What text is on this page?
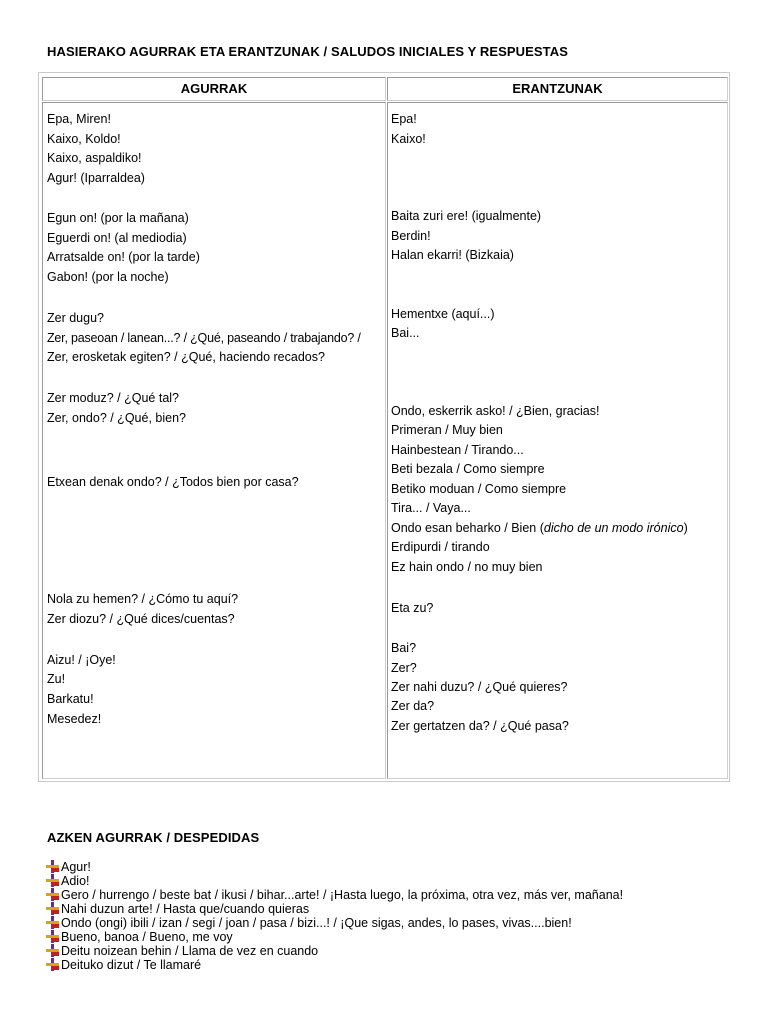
HASIERAKO AGURRAK ETA ERANTZUNAK / SALUDOS INICIALES Y RESPUESTAS
AGURRAK	ERANTZUNAK
Epa, Miren!
Kaixo, Koldo!
Kaixo, aspaldiko!
Agur! (Iparraldea)
Egun on! (por la mañana)
Eguerdi on! (al mediodia)
Arratsalde on! (por la tarde)
Gabon! (por la noche)
Zer dugu?
Zer, paseoan / lanean...? / ¿Qué, paseando / trabajando? /
Zer, erosketak egiten? / ¿Qué, haciendo recados?
Zer moduz? / ¿Qué tal?
Zer, ondo? / ¿Qué, bien?
Etxean denak ondo? / ¿Todos bien por casa?
Nola zu hemen? / ¿Cómo tu aquí?
Zer diozu? / ¿Qué dices/cuentas?
Aizu! / ¡Oye!
Zu!
Barkatu!
Mesedez!
Epa!
Kaixo!
Baita zuri ere! (igualmente)
Berdin!
Halan ekarri! (Bizkaia)
Hementxe (aquí...)
Bai...
Ondo, eskerrik asko! / ¿Bien, gracias!
Primeran / Muy bien
Hainbestean / Tirando...
Beti bezala / Como siempre
Betiko moduan / Como siempre
Tira... / Vaya...
Ondo esan beharko / Bien (dicho de un modo irónico)
Erdipurdi / tirando
Ez hain ondo / no muy bien
Eta zu?
Bai?
Zer?
Zer nahi duzu? / ¿Qué quieres?
Zer da?
Zer gertatzen da? / ¿Qué pasa?
AZKEN AGURRAK / DESPEDIDAS
Agur!
Adio!
Gero / hurrengo / beste bat / ikusi / bihar...arte! / ¡Hasta luego, la próxima, otra vez, más ver, mañana!
Nahi duzun arte! / Hasta que/cuando quieras
Ondo (ongi) ibili / izan / segi / joan / pasa / bizi...! / ¡Que sigas, andes, lo pases, vivas....bien!
Bueno, banoa / Bueno, me voy
Deitu noizean behin / Llama de vez en cuando
Deituko dizut / Te llamaré
